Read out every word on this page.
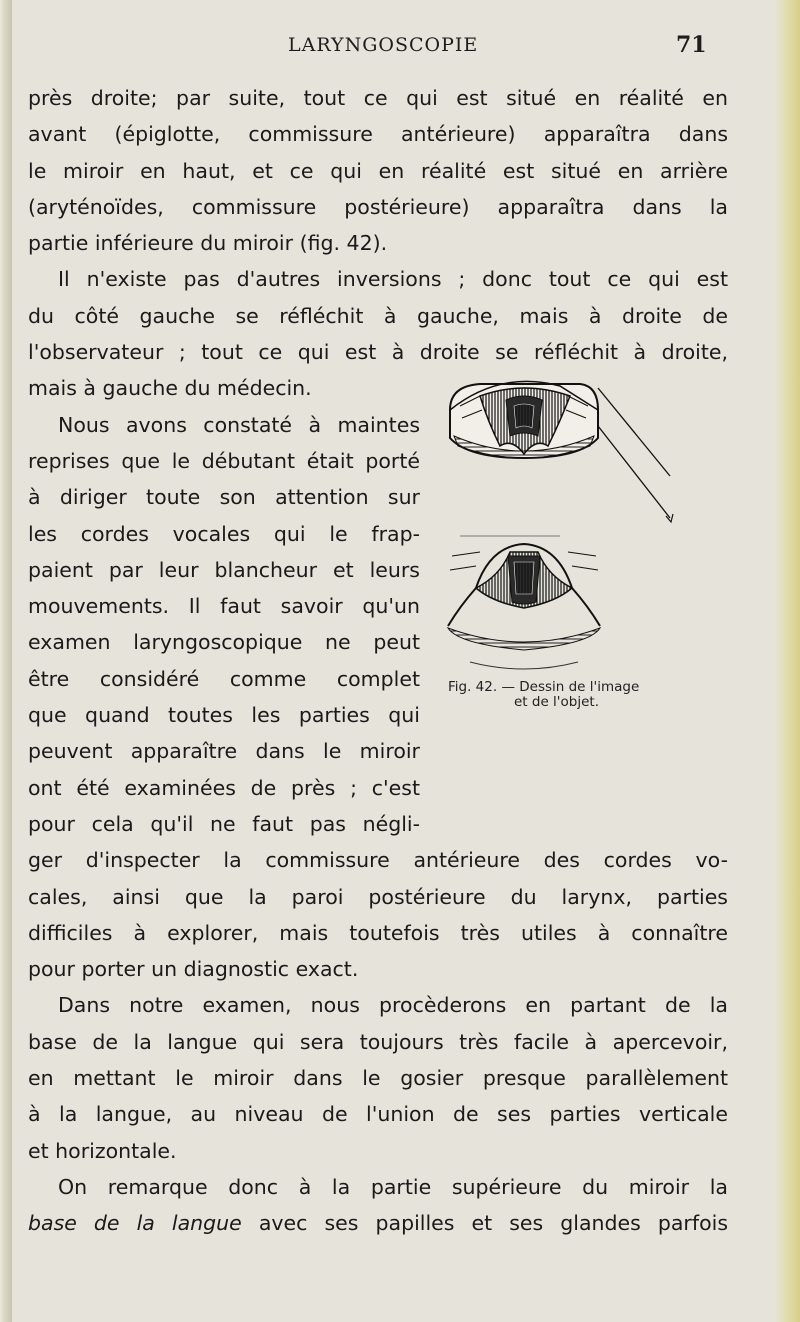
LARYNGOSCOPIE	71
près droite; par suite, tout ce qui est situé en réalité en
avant (épiglotte, commissure antérieure) apparaîtra dans
le miroir en haut, et ce qui en réalité est situé en arrière
(aryténoïdes, commissure postérieure) apparaîtra dans la
partie inférieure du miroir (fig. 42).
Il n'existe pas d'autres inversions ; donc tout ce qui est
du côté gauche se réfléchit à gauche, mais à droite de
l'observateur ; tout ce qui est à droite se réfléchit à droite,
mais à gauche du médecin.
Nous avons constaté à maintes
reprises que le débutant était porté
à diriger toute son attention sur
les cordes vocales qui le frap-
paient par leur blancheur et leurs
mouvements. Il faut savoir qu'un
examen laryngoscopique ne peut
être considéré comme complet
que quand toutes les parties qui
peuvent apparaître dans le miroir
ont été examinées de près ; c'est
pour cela qu'il ne faut pas négli-
ger d'inspecter la commissure antérieure des cordes vo-
cales, ainsi que la paroi postérieure du larynx, parties
difficiles à explorer, mais toutefois très utiles à connaître
pour porter un diagnostic exact.
Dans notre examen, nous procèderons en partant de la
base de la langue qui sera toujours très facile à apercevoir,
en mettant le miroir dans le gosier presque parallèlement
à la langue, au niveau de l'union de ses parties verticale
et horizontale.
On remarque donc à la partie supérieure du miroir la
base de la langue avec ses papilles et ses glandes parfois
Fig. 42. — Dessin de l'image
et de l'objet.
